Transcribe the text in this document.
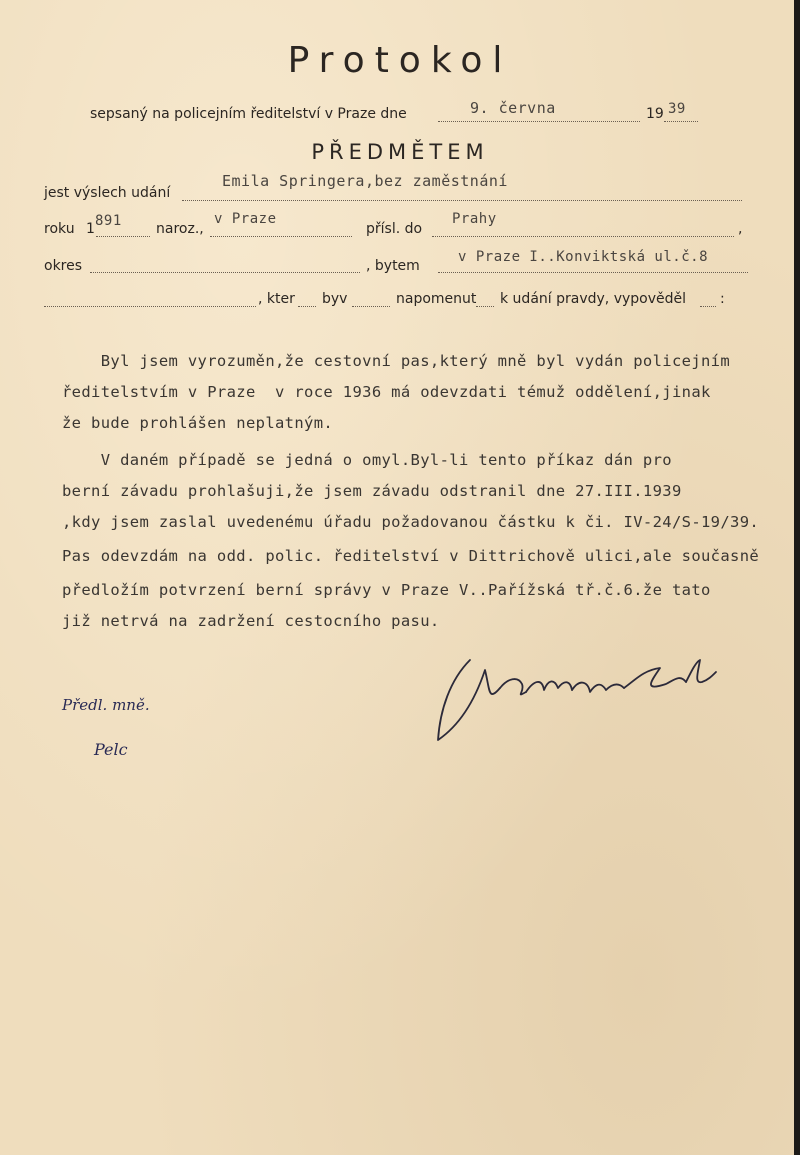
Protokol
sepsaný na policejním ředitelství v Praze dne	9. června	19 39
PŘEDMĚTEM
jest výslech udání
Emila Springera,bez zaměstnání
roku 1 891 naroz.,
v Praze
přísl. do
Prahy
,
okres	, bytem
v Praze I..Konviktská ul.č.8
, kter byv	napomenut k udání pravdy, vypověděl :
Byl jsem vyrozuměn,že cestovní pas,který mně byl vydán policejním
ředitelstvím v Praze  v roce 1936 má odevzdati témuž oddělení,jinak
že bude prohlášen neplatným.
V daném případě se jedná o omyl.Byl-li tento příkaz dán pro
berní závadu prohlašuji,že jsem závadu odstranil dne 27.III.1939
,kdy jsem zaslal uvedenému úřadu požadovanou částku k či. IV-24/S-19/39.
Pas odevzdám na odd. polic. ředitelství v Dittrichově ulici,ale současně
předložím potvrzení berní správy v Praze V..Pařížská tř.č.6.že tato
již netrvá na zadržení cestocního pasu.
Předl. mně.
Pelc
